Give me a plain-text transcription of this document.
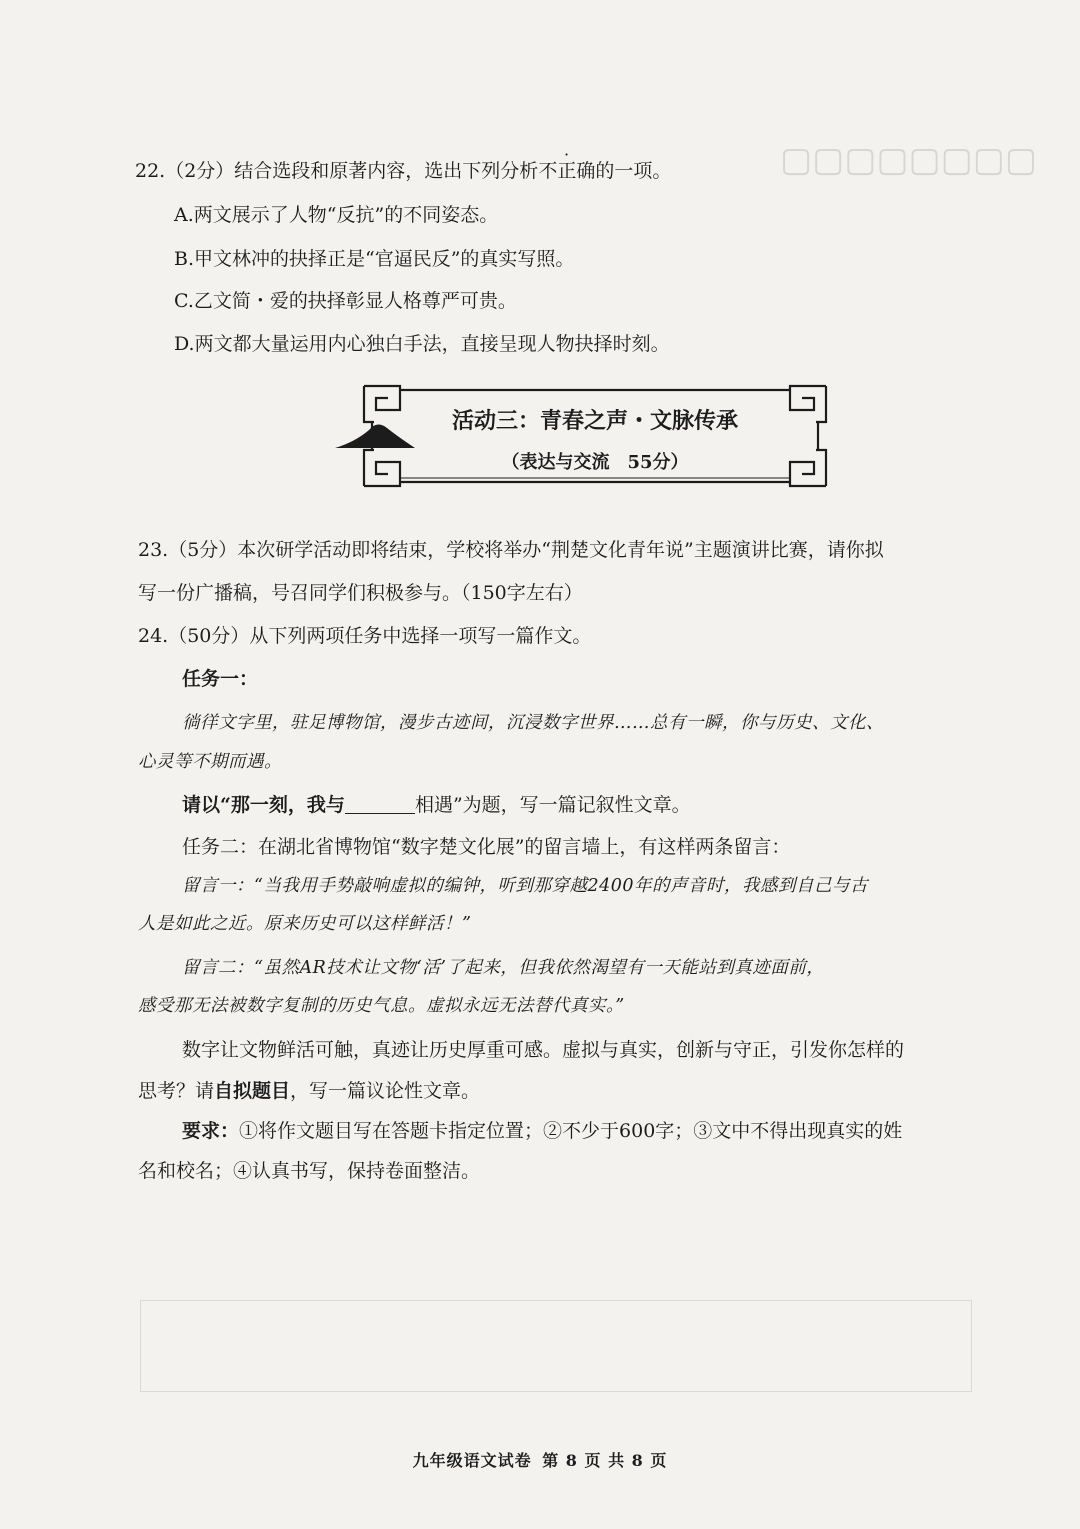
▢▢▢▢▢▢▢▢
22.（2分）结合选段和原著内容，选出下列分析不正确的一项。
A.两文展示了人物“反抗”的不同姿态。
B.甲文林冲的抉择正是“官逼民反”的真实写照。
C.乙文简・爱的抉择彰显人格尊严可贵。
D.两文都大量运用内心独白手法，直接呈现人物抉择时刻。
活动三：青春之声・文脉传承
（表达与交流　55分）
23.（5分）本次研学活动即将结束，学校将举办“荆楚文化青年说”主题演讲比赛，请你拟
写一份广播稿，号召同学们积极参与。（150字左右）
24.（50分）从下列两项任务中选择一项写一篇作文。
任务一：
徜徉文字里，驻足博物馆，漫步古迹间，沉浸数字世界……总有一瞬，你与历史、文化、
心灵等不期而遇。
请以“那一刻，我与	相遇”为题，写一篇记叙性文章。
任务二：在湖北省博物馆“数字楚文化展”的留言墙上，有这样两条留言：
留言一：“当我用手势敲响虚拟的编钟，听到那穿越2400年的声音时，我感到自己与古
人是如此之近。原来历史可以这样鲜活！”
留言二：“虽然AR技术让文物‘活’了起来，但我依然渴望有一天能站到真迹面前，
感受那无法被数字复制的历史气息。虚拟永远无法替代真实。”
数字让文物鲜活可触，真迹让历史厚重可感。虚拟与真实，创新与守正，引发你怎样的
思考？请自拟题目，写一篇议论性文章。
要求：①将作文题目写在答题卡指定位置；②不少于600字；③文中不得出现真实的姓
名和校名；④认真书写，保持卷面整洁。
九年级语文试卷 第 8 页 共 8 页
